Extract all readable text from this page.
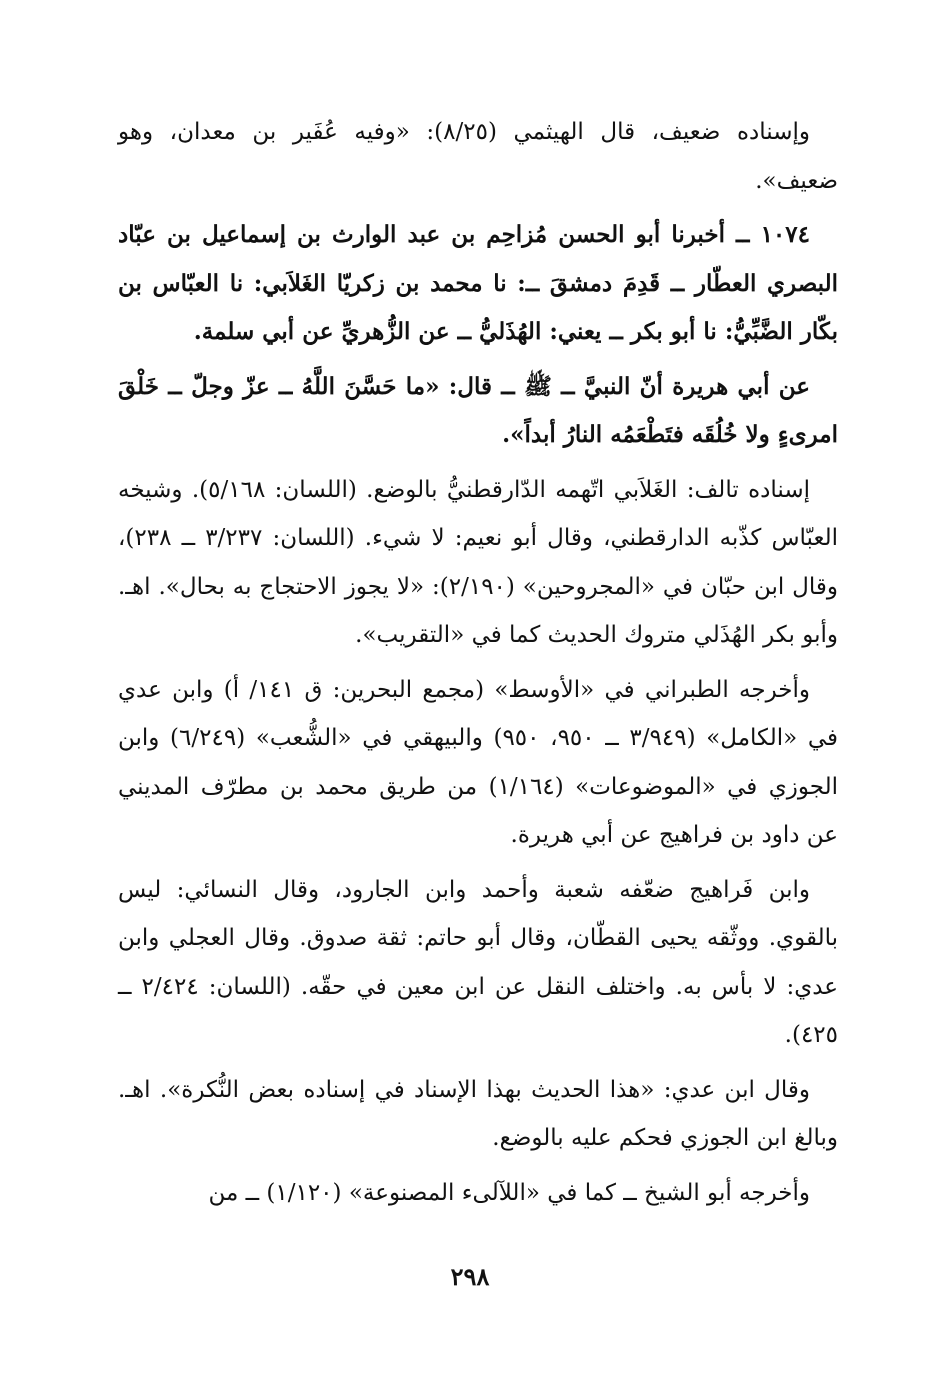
وإسناده ضعيف، قال الهيثمي (٨/٢٥): «وفيه عُفَير بن معدان، وهو ضعيف».

١٠٧٤ ــ أخبرنا أبو الحسن مُزاحِم بن عبد الوارث بن إسماعيل بن عبّاد البصري العطّار ــ قَدِمَ دمشقَ ــ: نا محمد بن زكريّا الغَلاَبي: نا العبّاس بن بكّار الضَّبِّيُّ: نا أبو بكر ــ يعني: الهُذَليُّ ــ عن الزُّهريِّ عن أبي سلمة.

عن أبي هريرة أنّ النبيَّ ــ ﷺ ــ قال: «ما حَسَّنَ اللَّهُ ــ عزّ وجلّ ــ خَلْقَ امرىءٍ ولا خُلُقَه فتَطْعَمُه النارُ أبداً».

إسناده تالف: الغَلاَبي اتّهمه الدّارقطنيُّ بالوضع. (اللسان: ٥/١٦٨). وشيخه العبّاس كذّبه الدارقطني، وقال أبو نعيم: لا شيء. (اللسان: ٣/٢٣٧ ــ ٢٣٨)، وقال ابن حبّان في «المجروحين» (٢/١٩٠): «لا يجوز الاحتجاج به بحال». اهـ. وأبو بكر الهُذَلي متروك الحديث كما في «التقريب».

وأخرجه الطبراني في «الأوسط» (مجمع البحرين: ق ١٤١/ أ) وابن عدي في «الكامل» (٣/٩٤٩ ــ ٩٥٠، ٩٥٠) والبيهقي في «الشُّعب» (٦/٢٤٩) وابن الجوزي في «الموضوعات» (١/١٦٤) من طريق محمد بن مطرّف المديني عن داود بن فراهيج عن أبي هريرة.

وابن فَراهيج ضعّفه شعبة وأحمد وابن الجارود، وقال النسائي: ليس بالقوي. ووثّقه يحيى القطّان، وقال أبو حاتم: ثقة صدوق. وقال العجلي وابن عدي: لا بأس به. واختلف النقل عن ابن معين في حقّه. (اللسان: ٢/٤٢٤ ــ ٤٢٥).

وقال ابن عدي: «هذا الحديث بهذا الإسناد في إسناده بعض النُّكرة». اهـ. وبالغ ابن الجوزي فحكم عليه بالوضع.

وأخرجه أبو الشيخ ــ كما في «اللآلىء المصنوعة» (١/١٢٠) ــ من

٢٩٨
